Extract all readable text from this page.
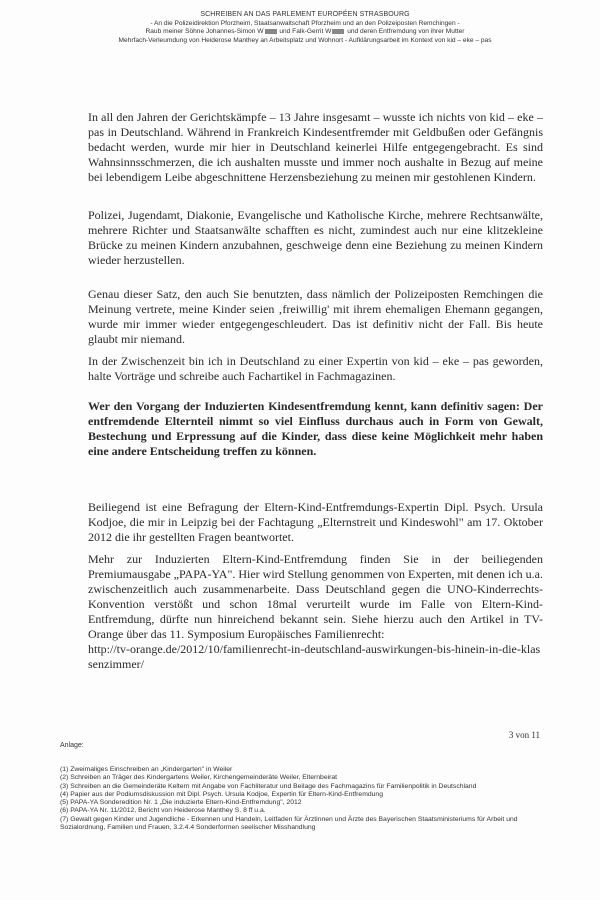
SCHREIBEN AN DAS PARLEMENT EUROPÉEN STRASBOURG
- An die Polizeidirektion Pforzheim, Staatsanwaltschaft Pforzheim und an den Polizeiposten Remchingen -
Raub meiner Söhne Johannes-Simon W und Falk-Gerrit W und deren Entfremdung von ihrer Mutter
Mehrfach-Verleumdung von Heiderose Manthey an Arbeitsplatz und Wohnort - Aufklärungsarbeit im Kontext von kid – eke – pas

In all den Jahren der Gerichtskämpfe – 13 Jahre insgesamt – wusste ich nichts von kid – eke – pas in Deutschland. Während in Frankreich Kindesentfremder mit Geldbußen oder Gefängnis bedacht werden, wurde mir hier in Deutschland keinerlei Hilfe entgegengebracht. Es sind Wahnsinnsschmerzen, die ich aushalten musste und immer noch aushalte in Bezug auf meine bei lebendigem Leibe abgeschnittene Herzensbeziehung zu meinen mir gestohlenen Kindern.

Polizei, Jugendamt, Diakonie, Evangelische und Katholische Kirche, mehrere Rechtsanwälte, mehrere Richter und Staatsanwälte schafften es nicht, zumindest auch nur eine klitzekleine Brücke zu meinen Kindern anzubahnen, geschweige denn eine Beziehung zu meinen Kindern wieder herzustellen.

Genau dieser Satz, den auch Sie benutzten, dass nämlich der Polizeiposten Remchingen die Meinung vertrete, meine Kinder seien ‚freiwillig' mit ihrem ehemaligen Ehemann gegangen, wurde mir immer wieder entgegengeschleudert. Das ist definitiv nicht der Fall. Bis heute glaubt mir niemand.

In der Zwischenzeit bin ich in Deutschland zu einer Expertin von kid – eke – pas geworden, halte Vorträge und schreibe auch Fachartikel in Fachmagazinen.

Wer den Vorgang der Induzierten Kindesentfremdung kennt, kann definitiv sagen: Der entfremdende Elternteil nimmt so viel Einfluss durchaus auch in Form von Gewalt, Bestechung und Erpressung auf die Kinder, dass diese keine Möglichkeit mehr haben eine andere Entscheidung treffen zu können.

Beiliegend ist eine Befragung der Eltern-Kind-Entfremdungs-Expertin Dipl. Psych. Ursula Kodjoe, die mir in Leipzig bei der Fachtagung „Elternstreit und Kindeswohl" am 17. Oktober 2012 die ihr gestellten Fragen beantwortet.

Mehr zur Induzierten Eltern-Kind-Entfremdung finden Sie in der beiliegenden Premiumausgabe „PAPA-YA". Hier wird Stellung genommen von Experten, mit denen ich u.a. zwischenzeitlich auch zusammenarbeite. Dass Deutschland gegen die UNO-Kinderrechts-Konvention verstößt und schon 18mal verurteilt wurde im Falle von Eltern-Kind-Entfremdung, dürfte nun hinreichend bekannt sein. Siehe hierzu auch den Artikel in TV-Orange über das 11. Symposium Europäisches Familienrecht:

http://tv-orange.de/2012/10/familienrecht-in-deutschland-auswirkungen-bis-hinein-in-die-klassenzimmer/

3 von 11
Anlage:
(1) Zweimaliges Einschreiben an „Kindergarten" in Weiler
(2) Schreiben an Träger des Kindergartens Weiler, Kirchengemeinderäte Weiler, Elternbeirat
(3) Schreiben an die Gemeinderäte Keltern mit Angabe von Fachliteratur und Beilage des Fachmagazins für Familienpolitik in Deutschland
(4) Papier aus der Podiumsdiskussion mit Dipl. Psych. Ursula Kodjoe, Expertin für Eltern-Kind-Entfremdung
(5) PAPA-YA Sonderedition Nr. 1 „Die induzierte Eltern-Kind-Entfremdung", 2012
(6) PAPA-YA Nr. 11/2012, Bericht von Heiderose Manthey S. 8 ff u.a.
(7) Gewalt gegen Kinder und Jugendliche - Erkennen und Handeln, Leitfaden für Ärztinnen und Ärzte des Bayerischen Staatsministeriums für Arbeit und Sozialordnung, Familien und Frauen, 3.2.4.4 Sonderformen seelischer Misshandlung
